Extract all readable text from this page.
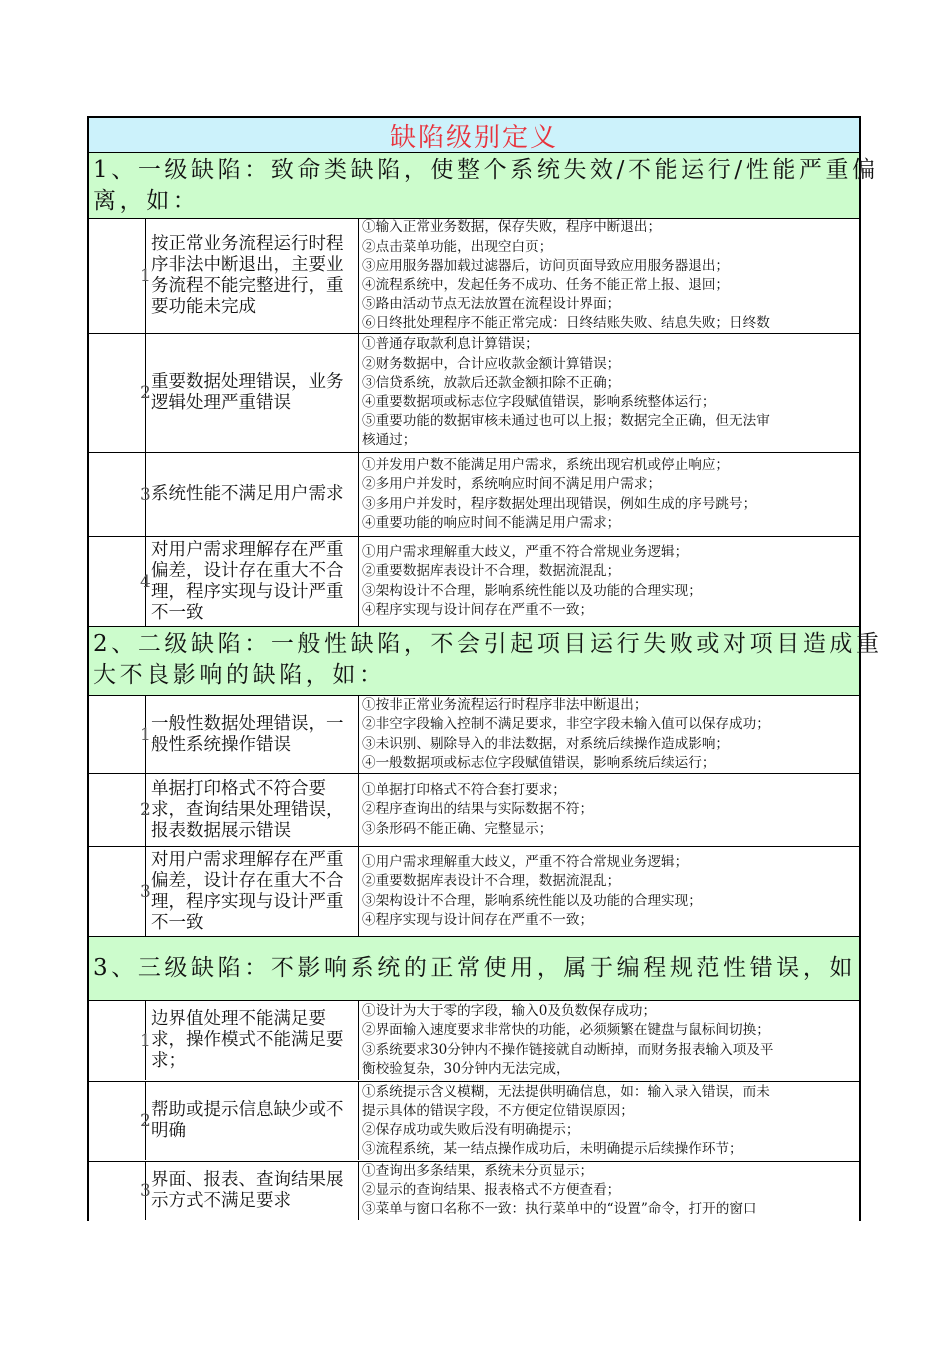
缺陷级别定义
1、一级缺陷：致命类缺陷，使整个系统失效/不能运行/性能严重偏
离，如：
1
按正常业务流程运行时程序非法中断退出，主要业务流程不能完整进行，重要功能未完成
①输入正常业务数据，保存失败，程序中断退出；
②点击菜单功能，出现空白页；
③应用服务器加载过滤器后，访问页面导致应用服务器退出；
④流程系统中，发起任务不成功、任务不能正常上报、退回；
⑤路由活动节点无法放置在流程设计界面；
⑥日终批处理程序不能正常完成：日终结账失败、结息失败；日终数
2
重要数据处理错误，业务逻辑处理严重错误
①普通存取款利息计算错误；
②财务数据中，合计应收款金额计算错误；
③信贷系统，放款后还款金额扣除不正确；
④重要数据项或标志位字段赋值错误，影响系统整体运行；
⑤重要功能的数据审核未通过也可以上报；数据完全正确，但无法审
核通过；
3 系统性能不满足用户需求
①并发用户数不能满足用户需求，系统出现宕机或停止响应；
②多用户并发时，系统响应时间不满足用户需求；
③多用户并发时，程序数据处理出现错误，例如生成的序号跳号；
④重要功能的响应时间不能满足用户需求；
4
对用户需求理解存在严重偏差，设计存在重大不合理，程序实现与设计严重不一致
①用户需求理解重大歧义，严重不符合常规业务逻辑；
②重要数据库表设计不合理，数据流混乱；
③架构设计不合理，影响系统性能以及功能的合理实现；
④程序实现与设计间存在严重不一致；
2、二级缺陷：一般性缺陷，不会引起项目运行失败或对项目造成重
大不良影响的缺陷，如：
1
一般性数据处理错误，一般性系统操作错误
①按非正常业务流程运行时程序非法中断退出；
②非空字段输入控制不满足要求，非空字段未输入值可以保存成功；
③未识别、剔除导入的非法数据，对系统后续操作造成影响；
④一般数据项或标志位字段赋值错误，影响系统后续运行；
2
单据打印格式不符合要求，查询结果处理错误，报表数据展示错误
①单据打印格式不符合套打要求；
②程序查询出的结果与实际数据不符；
③条形码不能正确、完整显示；
3
对用户需求理解存在严重偏差，设计存在重大不合理，程序实现与设计严重不一致
①用户需求理解重大歧义，严重不符合常规业务逻辑；
②重要数据库表设计不合理，数据流混乱；
③架构设计不合理，影响系统性能以及功能的合理实现；
④程序实现与设计间存在严重不一致；
3、三级缺陷：不影响系统的正常使用，属于编程规范性错误，如
1
边界值处理不能满足要求，操作模式不能满足要求；
①设计为大于零的字段，输入0及负数保存成功；
②界面输入速度要求非常快的功能，必须频繁在键盘与鼠标间切换；
③系统要求30分钟内不操作链接就自动断掉，而财务报表输入项及平
衡校验复杂，30分钟内无法完成，
2
帮助或提示信息缺少或不明确
①系统提示含义模糊，无法提供明确信息，如：输入录入错误，而未
提示具体的错误字段，不方便定位错误原因；
②保存成功或失败后没有明确提示；
③流程系统，某一结点操作成功后，未明确提示后续操作环节；
3
界面、报表、查询结果展示方式不满足要求
①查询出多条结果，系统未分页显示；
②显示的查询结果、报表格式不方便查看；
③菜单与窗口名称不一致：执行菜单中的“设置”命令，打开的窗口
